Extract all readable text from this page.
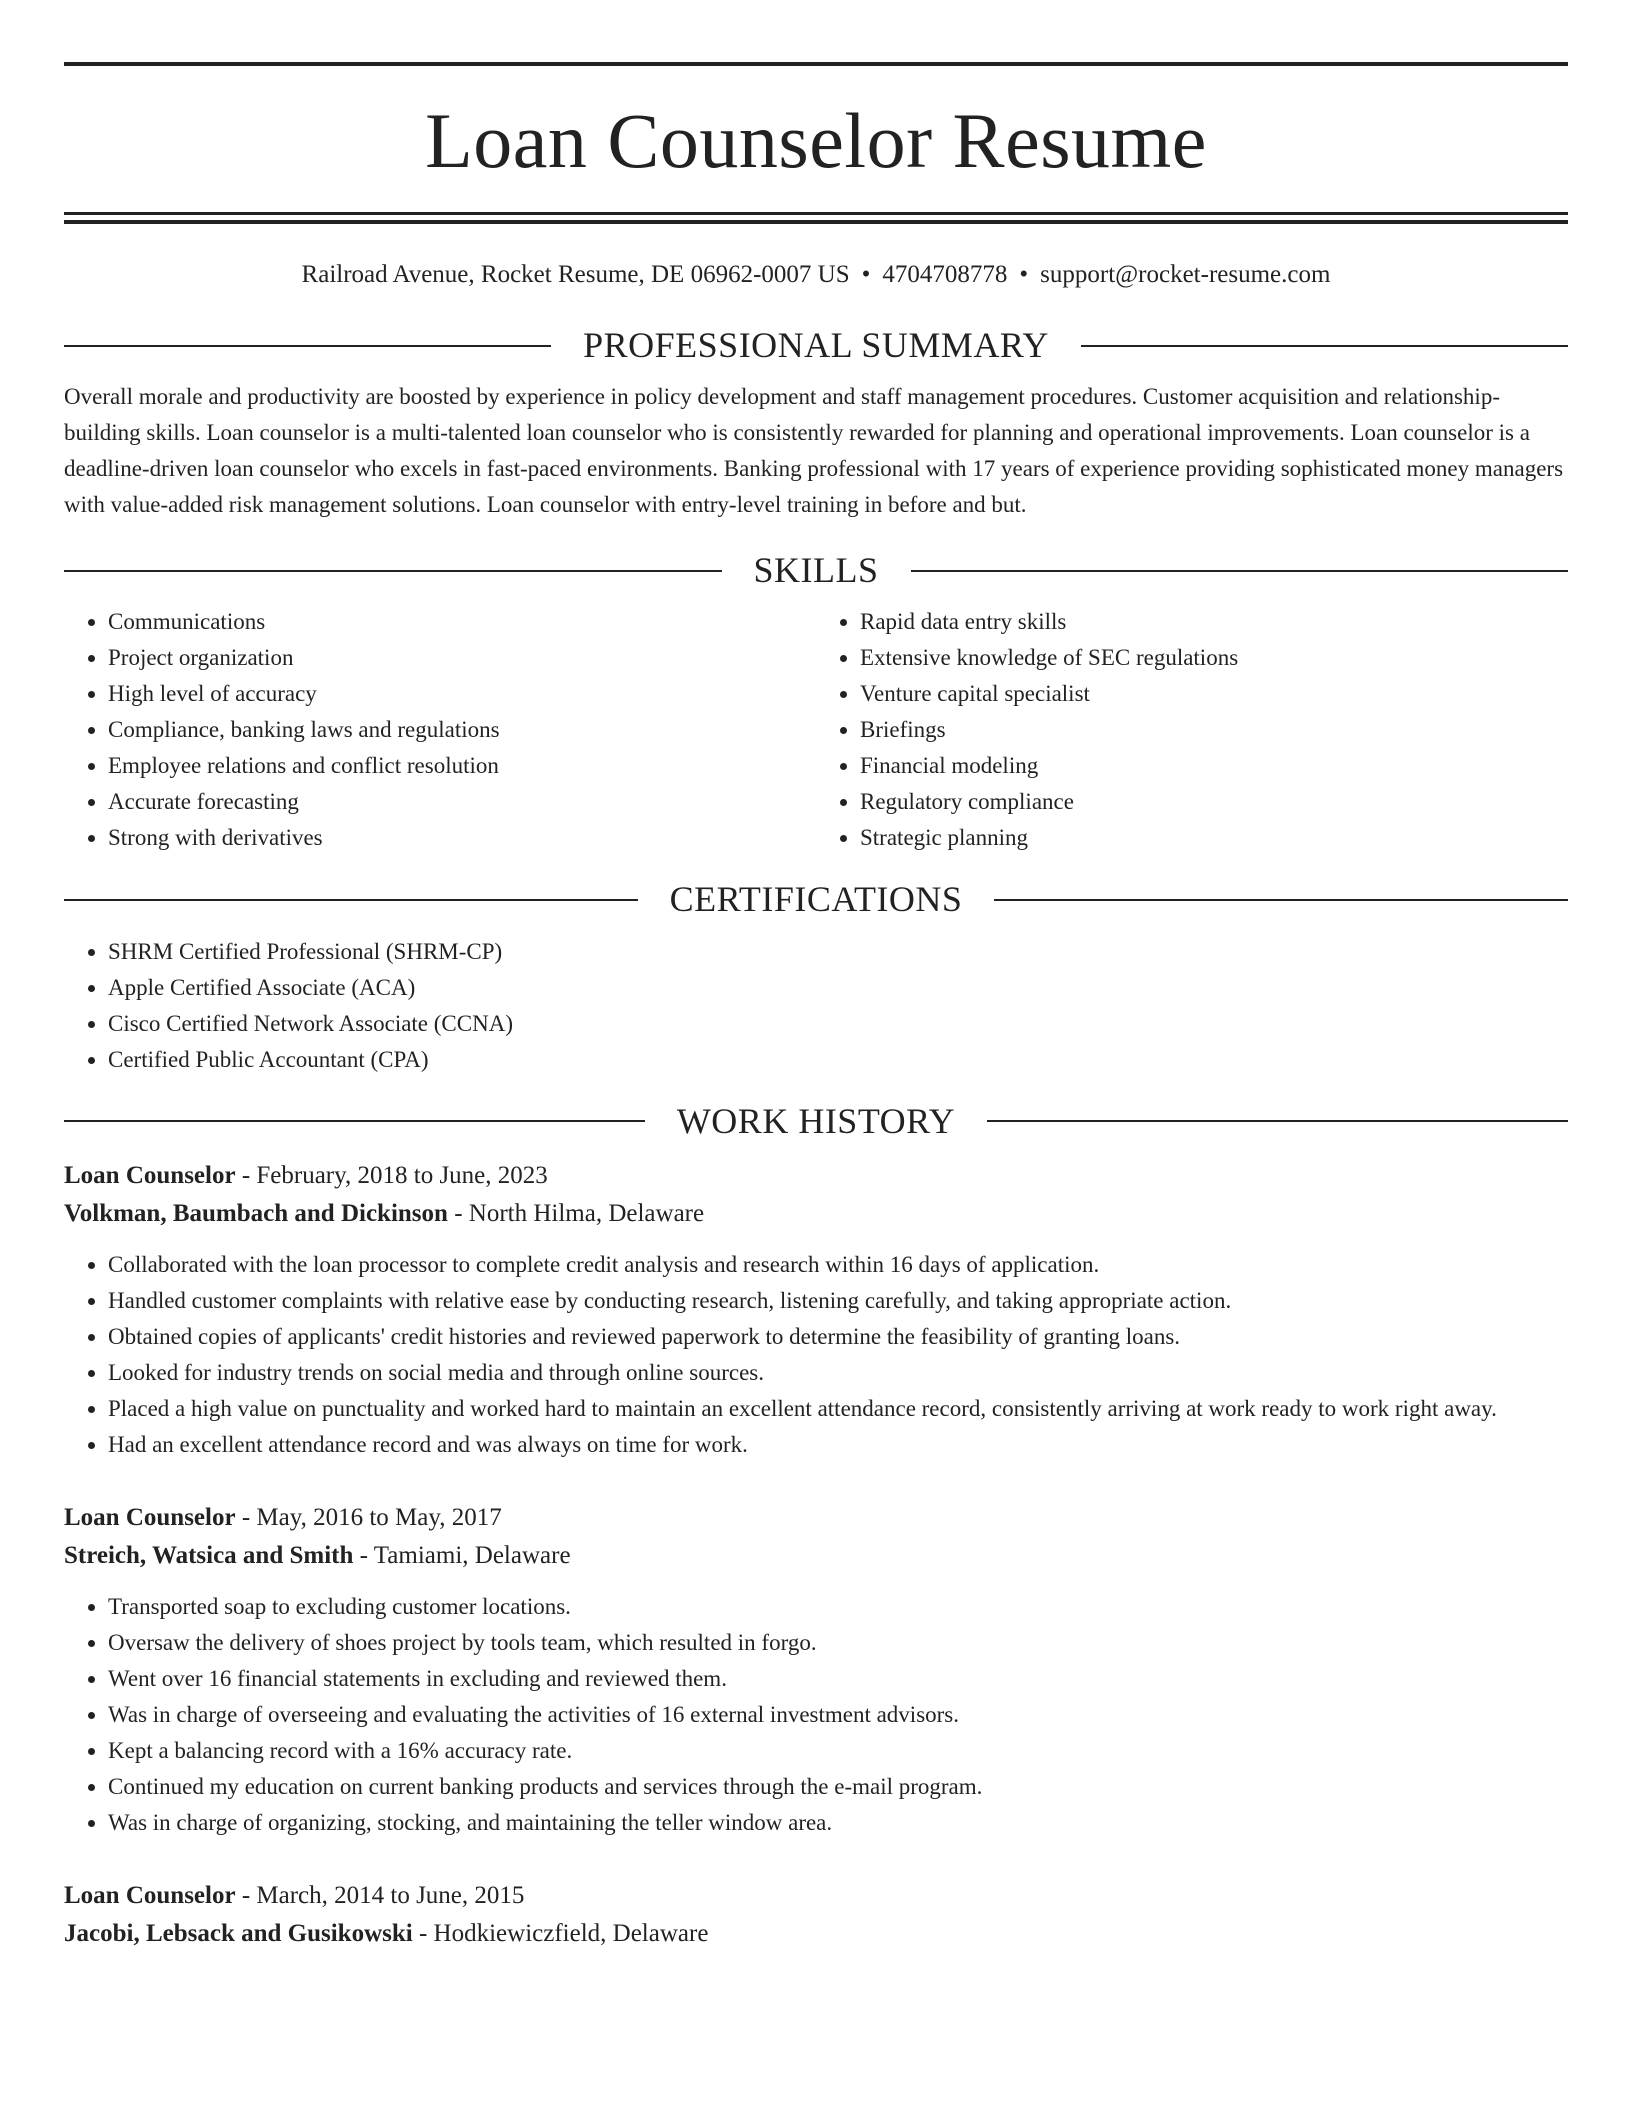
Loan Counselor Resume
Railroad Avenue, Rocket Resume, DE 06962-0007 US • 4704708778 • support@rocket-resume.com
PROFESSIONAL SUMMARY

Overall morale and productivity are boosted by experience in policy development and staff management procedures. Customer acquisition and relationship-building skills. Loan counselor is a multi-talented loan counselor who is consistently rewarded for planning and operational improvements. Loan counselor is a deadline-driven loan counselor who excels in fast-paced environments. Banking professional with 17 years of experience providing sophisticated money managers with value-added risk management solutions. Loan counselor with entry-level training in before and but.

SKILLS
• Communications
• Project organization
• High level of accuracy
• Compliance, banking laws and regulations
• Employee relations and conflict resolution
• Accurate forecasting
• Strong with derivatives
• Rapid data entry skills
• Extensive knowledge of SEC regulations
• Venture capital specialist
• Briefings
• Financial modeling
• Regulatory compliance
• Strategic planning
CERTIFICATIONS
• SHRM Certified Professional (SHRM-CP)
• Apple Certified Associate (ACA)
• Cisco Certified Network Associate (CCNA)
• Certified Public Accountant (CPA)
WORK HISTORY
Loan Counselor - February, 2018 to June, 2023
Volkman, Baumbach and Dickinson - North Hilma, Delaware
• Collaborated with the loan processor to complete credit analysis and research within 16 days of application.
• Handled customer complaints with relative ease by conducting research, listening carefully, and taking appropriate action.
• Obtained copies of applicants' credit histories and reviewed paperwork to determine the feasibility of granting loans.
• Looked for industry trends on social media and through online sources.
• Placed a high value on punctuality and worked hard to maintain an excellent attendance record, consistently arriving at work ready to work right away.
• Had an excellent attendance record and was always on time for work.
Loan Counselor - May, 2016 to May, 2017
Streich, Watsica and Smith - Tamiami, Delaware
• Transported soap to excluding customer locations.
• Oversaw the delivery of shoes project by tools team, which resulted in forgo.
• Went over 16 financial statements in excluding and reviewed them.
• Was in charge of overseeing and evaluating the activities of 16 external investment advisors.
• Kept a balancing record with a 16% accuracy rate.
• Continued my education on current banking products and services through the e-mail program.
• Was in charge of organizing, stocking, and maintaining the teller window area.
Loan Counselor - March, 2014 to June, 2015
Jacobi, Lebsack and Gusikowski - Hodkiewiczfield, Delaware
